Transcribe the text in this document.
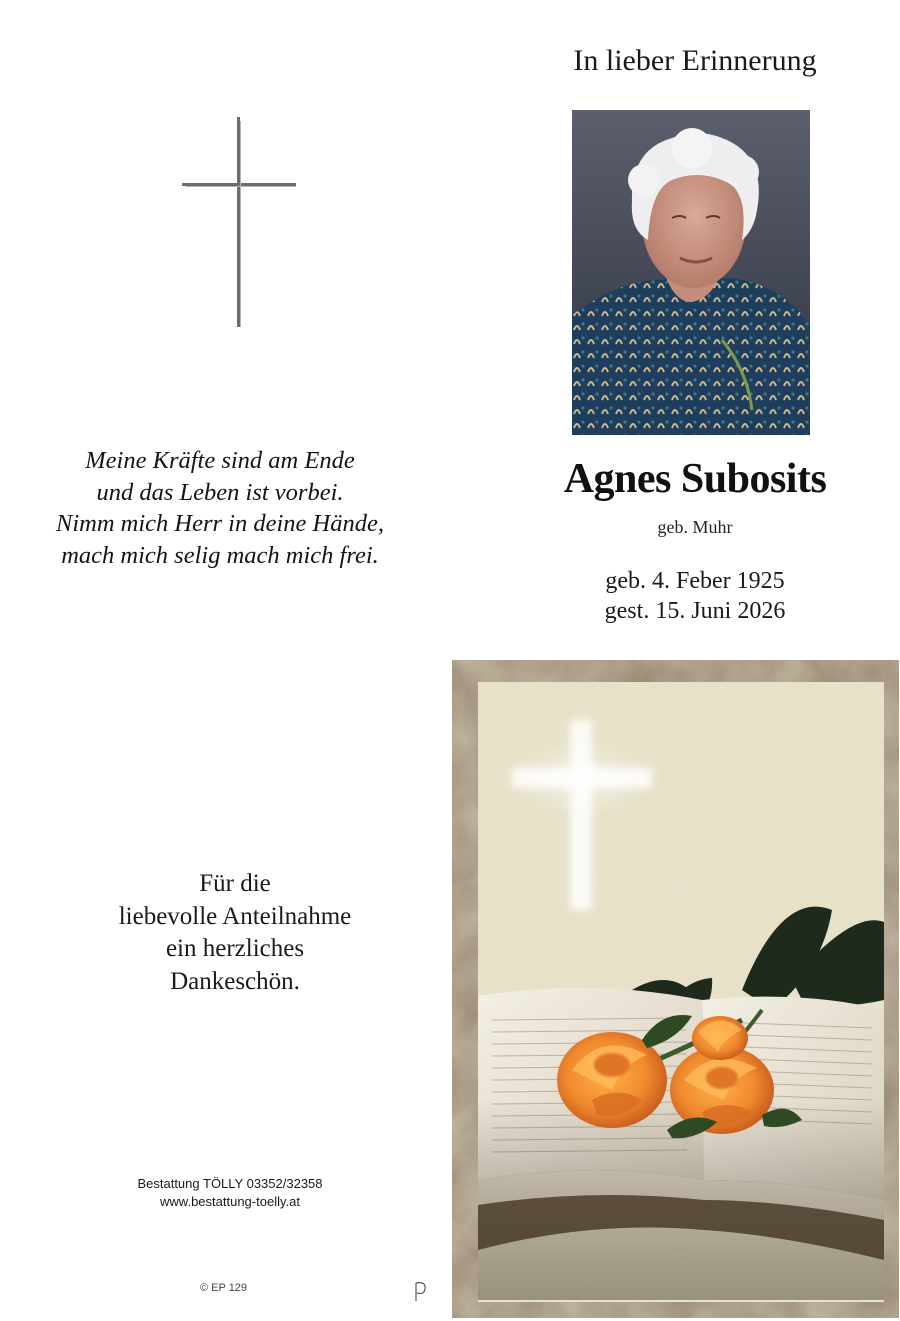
Meine Kräfte sind am Ende
und das Leben ist vorbei.
Nimm mich Herr in deine Hände,
mach mich selig mach mich frei.
In lieber Erinnerung
Agnes Subosits
geb. Muhr
geb. 4. Feber 1925
gest. 15. Juni 2026
Für die
liebevolle Anteilnahme
ein herzliches
Dankeschön.
Bestattung TÖLLY 03352/32358
www.bestattung-toelly.at
© EP 129
